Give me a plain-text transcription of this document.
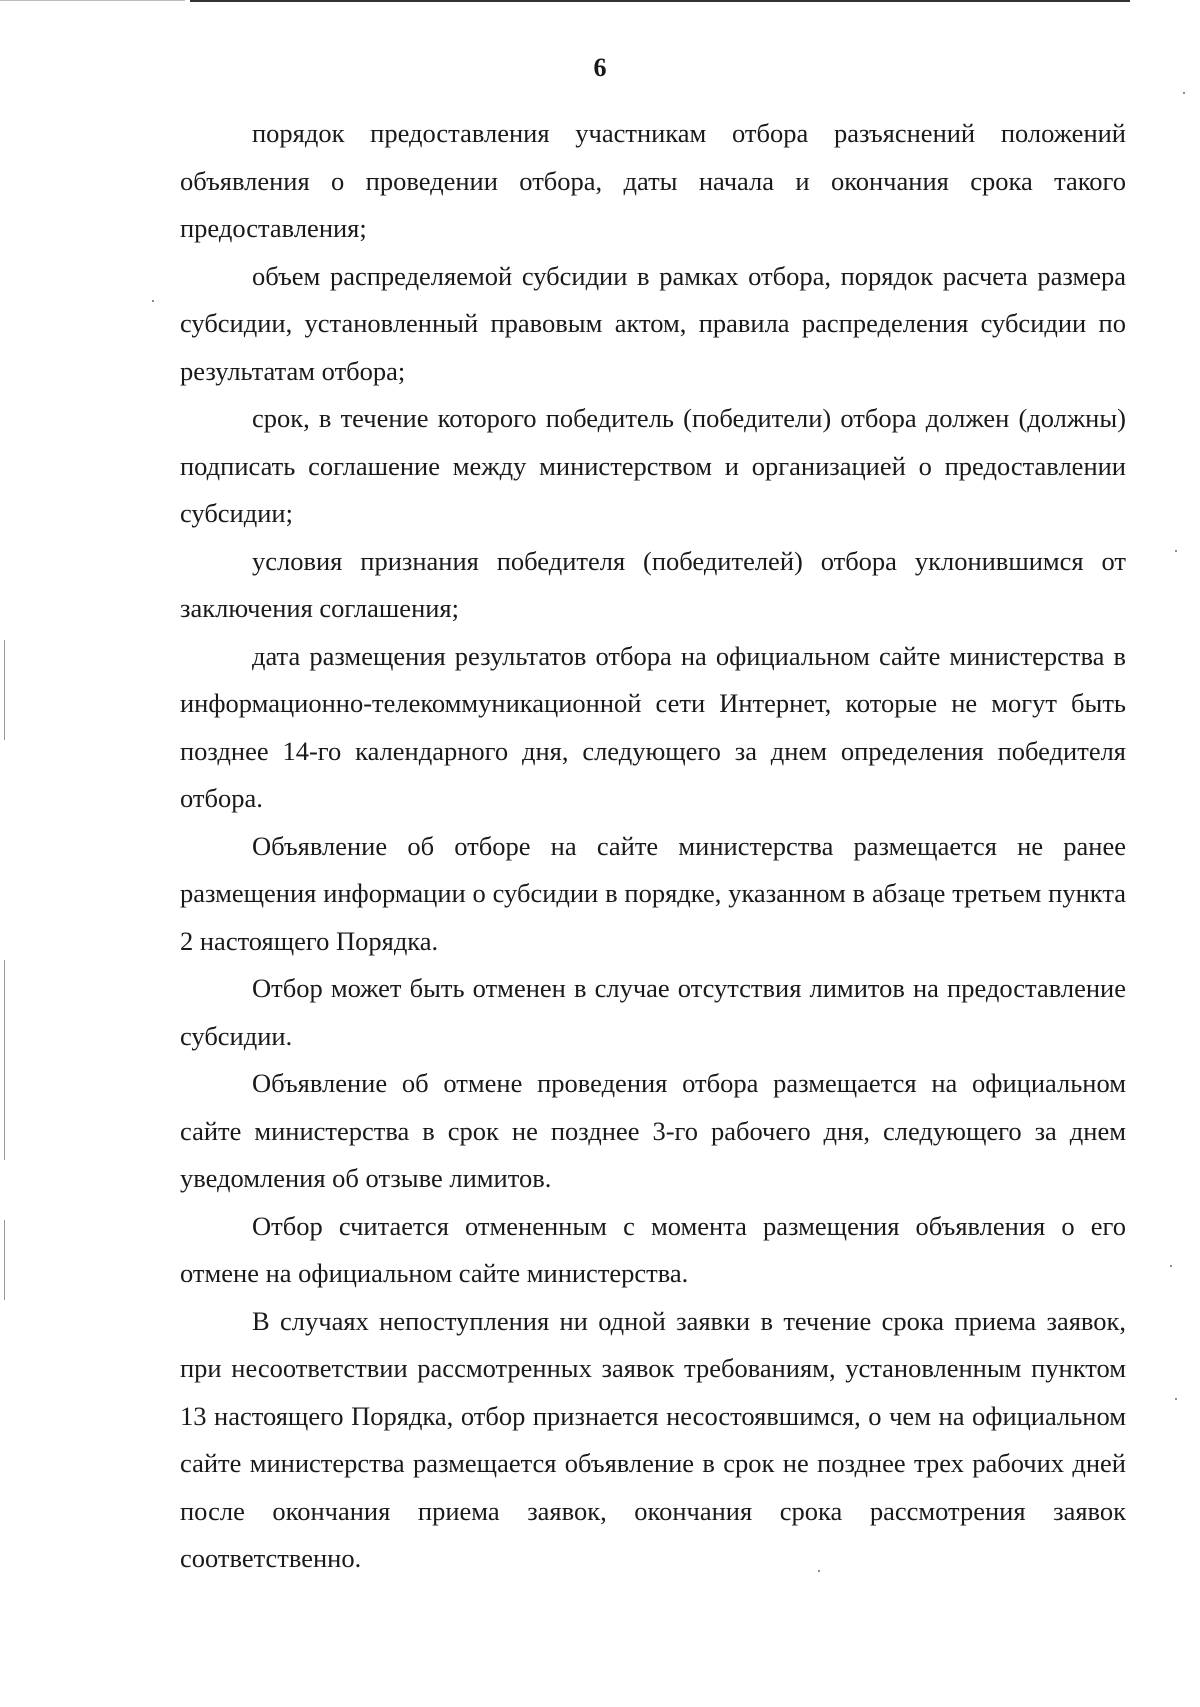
6

порядок предоставления участникам отбора разъяснений положений объявления о проведении отбора, даты начала и окончания срока такого предоставления;

объем распределяемой субсидии в рамках отбора, порядок расчета размера субсидии, установленный правовым актом, правила распределения субсидии по результатам отбора;

срок, в течение которого победитель (победители) отбора должен (должны) подписать соглашение между министерством и организацией о предоставлении субсидии;

условия признания победителя (победителей) отбора уклонившимся от заключения соглашения;

дата размещения результатов отбора на официальном сайте министерства в информационно-телекоммуникационной сети Интернет, которые не могут быть позднее 14-го календарного дня, следующего за днем определения победителя отбора.

Объявление об отборе на сайте министерства размещается не ранее размещения информации о субсидии в порядке, указанном в абзаце третьем пункта 2 настоящего Порядка.

Отбор может быть отменен в случае отсутствия лимитов на предоставление субсидии.

Объявление об отмене проведения отбора размещается на официальном сайте министерства в срок не позднее 3-го рабочего дня, следующего за днем уведомления об отзыве лимитов.

Отбор считается отмененным с момента размещения объявления о его отмене на официальном сайте министерства.

В случаях непоступления ни одной заявки в течение срока приема заявок, при несоответствии рассмотренных заявок требованиям, установленным пунктом 13 настоящего Порядка, отбор признается несостоявшимся, о чем на официальном сайте министерства размещается объявление в срок не позднее трех рабочих дней после окончания приема заявок, окончания срока рассмотрения заявок соответственно.
